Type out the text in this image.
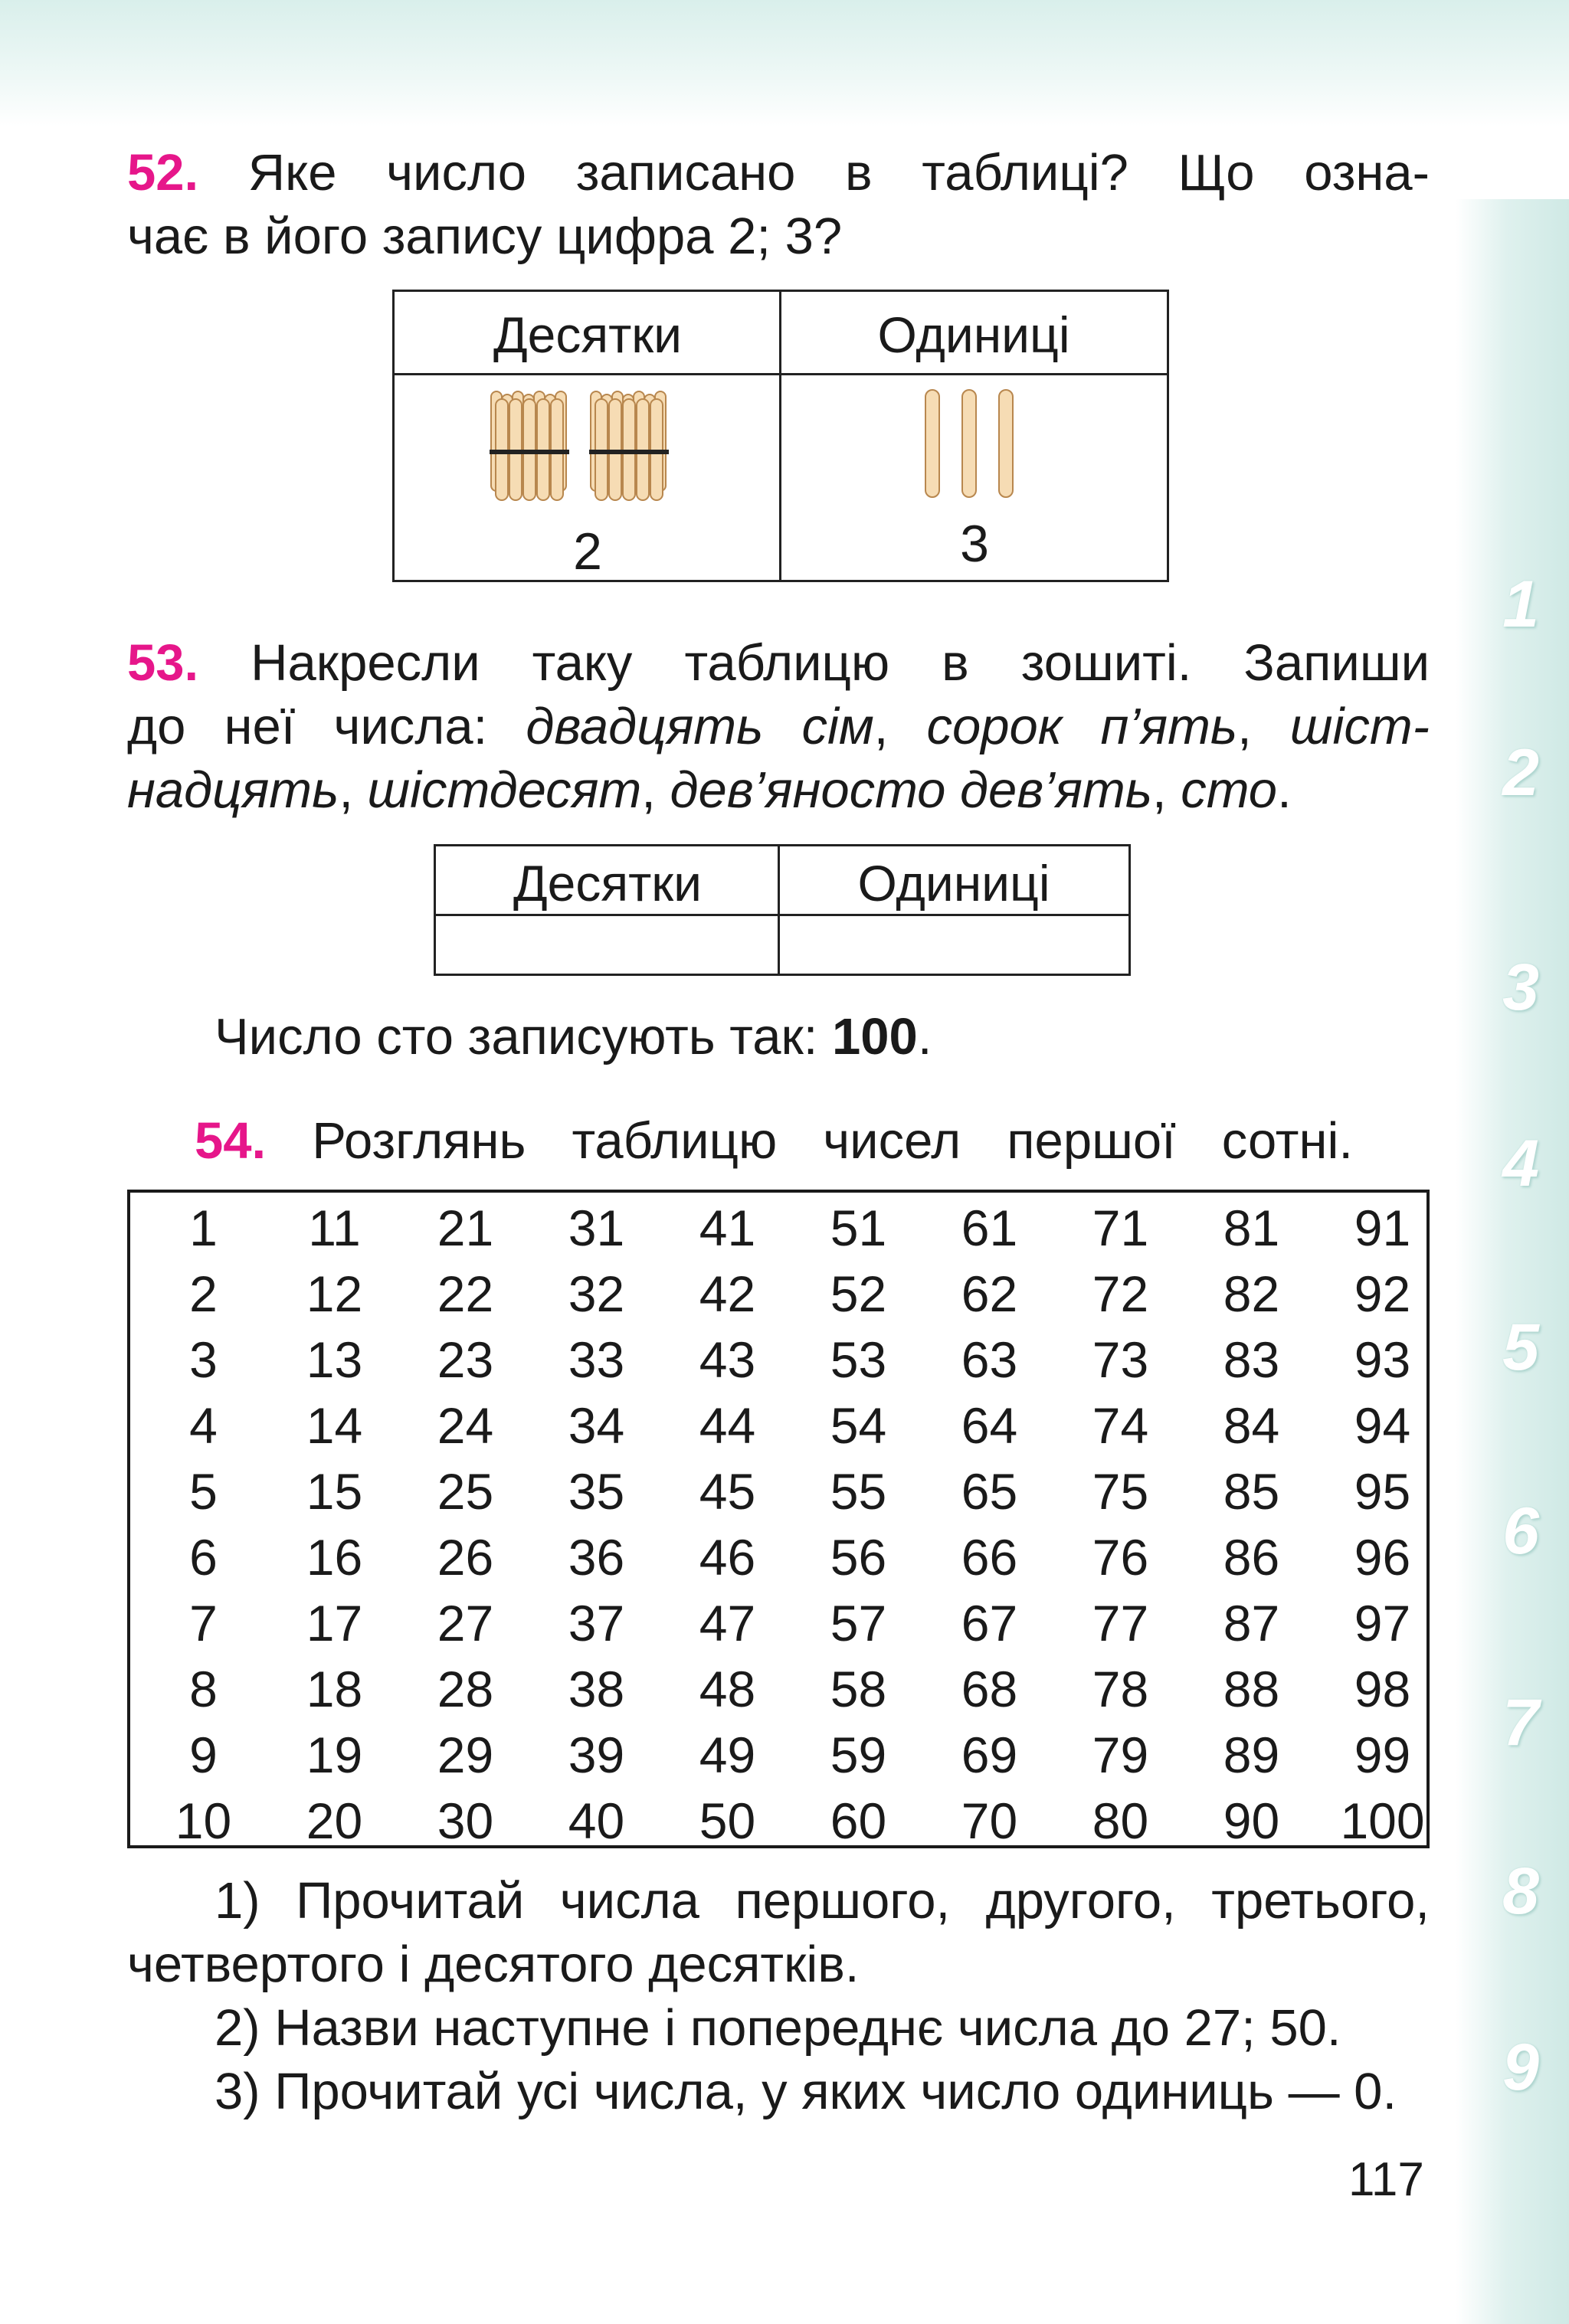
1
2
3
4
5
6
7
8
9

52. Яке число записано в таблиці? Що озна-

чає в його запису цифра 2; 3?

Десятки	Одиниці
2	3

53. Накресли таку таблицю в зошиті. Запиши

до неї числа: двадцять сім, сорок п’ять, шіст-

надцять, шістдесят, дев’яносто дев’ять, сто.

Десятки	Одиниці

Число сто записують так: 100.

54. Розглянь таблицю чисел першої сотні.

1	11	21	31	41	51	61	71	81	91
2	12	22	32	42	52	62	72	82	92
3	13	23	33	43	53	63	73	83	93
4	14	24	34	44	54	64	74	84	94
5	15	25	35	45	55	65	75	85	95
6	16	26	36	46	56	66	76	86	96
7	17	27	37	47	57	67	77	87	97
8	18	28	38	48	58	68	78	88	98
9	19	29	39	49	59	69	79	89	99
10	20	30	40	50	60	70	80	90	100

1) Прочитай числа першого, другого, третього,

четвертого і десятого десятків.

2) Назви наступне і попереднє числа до 27; 50.

3) Прочитай усі числа, у яких число одиниць — 0.

117
